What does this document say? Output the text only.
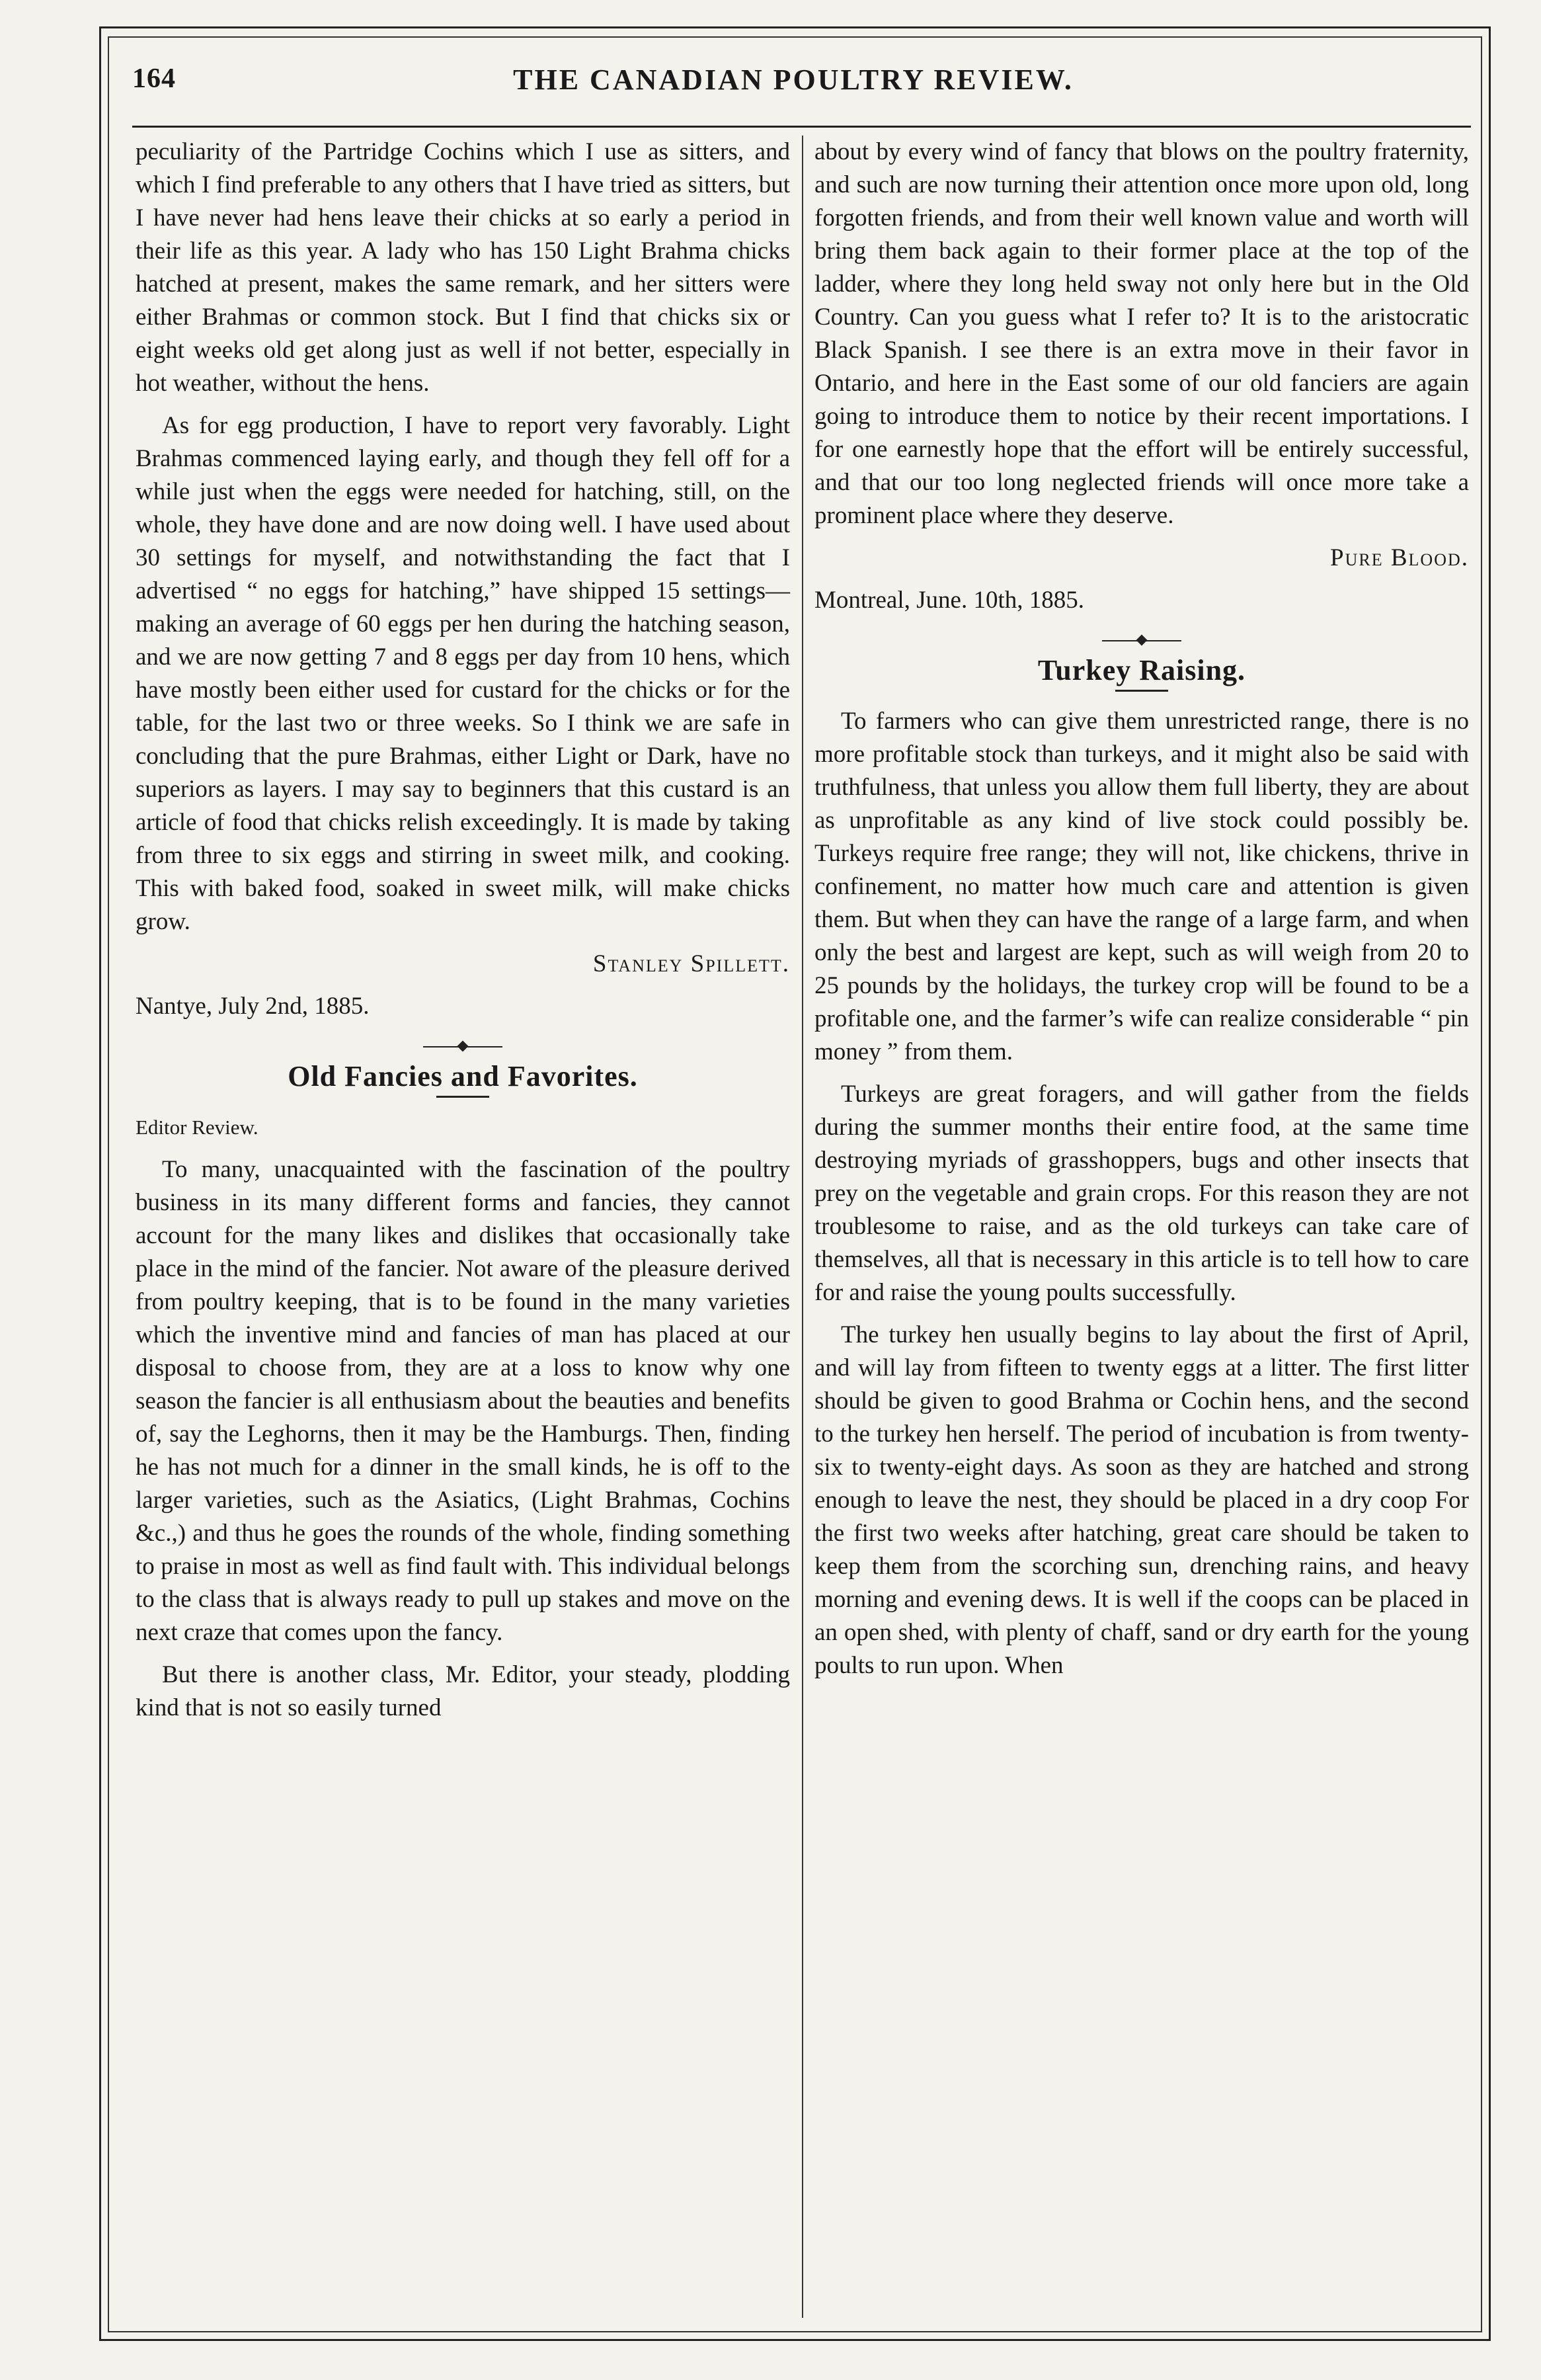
164	THE CANADIAN POULTRY REVIEW.

peculiarity of the Partridge Cochins which I use as sitters, and which I find preferable to any others that I have tried as sitters, but I have never had hens leave their chicks at so early a period in their life as this year. A lady who has 150 Light Brahma chicks hatched at present, makes the same remark, and her sitters were either Brahmas or common stock. But I find that chicks six or eight weeks old get along just as well if not better, especially in hot weather, without the hens.

As for egg production, I have to report very favorably. Light Brahmas commenced laying early, and though they fell off for a while just when the eggs were needed for hatching, still, on the whole, they have done and are now doing well. I have used about 30 settings for myself, and notwithstanding the fact that I advertised “ no eggs for hatching,” have shipped 15 settings—making an average of 60 eggs per hen during the hatching season, and we are now getting 7 and 8 eggs per day from 10 hens, which have mostly been either used for custard for the chicks or for the table, for the last two or three weeks. So I think we are safe in concluding that the pure Brahmas, either Light or Dark, have no superiors as layers. I may say to beginners that this custard is an article of food that chicks relish exceedingly. It is made by taking from three to six eggs and stirring in sweet milk, and cooking. This with baked food, soaked in sweet milk, will make chicks grow.

Stanley Spillett.

Nantye, July 2nd, 1885.

Old Fancies and Favorites.

Editor Review.

To many, unacquainted with the fascination of the poultry business in its many different forms and fancies, they cannot account for the many likes and dislikes that occasionally take place in the mind of the fancier. Not aware of the pleasure derived from poultry keeping, that is to be found in the many varieties which the inventive mind and fancies of man has placed at our disposal to choose from, they are at a loss to know why one season the fancier is all enthusiasm about the beauties and benefits of, say the Leghorns, then it may be the Hamburgs. Then, finding he has not much for a dinner in the small kinds, he is off to the larger varieties, such as the Asiatics, (Light Brahmas, Cochins &c.,) and thus he goes the rounds of the whole, finding something to praise in most as well as find fault with. This individual belongs to the class that is always ready to pull up stakes and move on the next craze that comes upon the fancy.

But there is another class, Mr. Editor, your steady, plodding kind that is not so easily turned

about by every wind of fancy that blows on the poultry fraternity, and such are now turning their attention once more upon old, long forgotten friends, and from their well known value and worth will bring them back again to their former place at the top of the ladder, where they long held sway not only here but in the Old Country. Can you guess what I refer to? It is to the aristocratic Black Spanish. I see there is an extra move in their favor in Ontario, and here in the East some of our old fanciers are again going to introduce them to notice by their recent importations. I for one earnestly hope that the effort will be entirely successful, and that our too long neglected friends will once more take a prominent place where they deserve.

Pure Blood.

Montreal, June. 10th, 1885.

Turkey Raising.

To farmers who can give them unrestricted range, there is no more profitable stock than turkeys, and it might also be said with truthfulness, that unless you allow them full liberty, they are about as unprofitable as any kind of live stock could possibly be. Turkeys require free range; they will not, like chickens, thrive in confinement, no matter how much care and attention is given them. But when they can have the range of a large farm, and when only the best and largest are kept, such as will weigh from 20 to 25 pounds by the holidays, the turkey crop will be found to be a profitable one, and the farmer’s wife can realize considerable “ pin money ” from them.

Turkeys are great foragers, and will gather from the fields during the summer months their entire food, at the same time destroying myriads of grasshoppers, bugs and other insects that prey on the vegetable and grain crops. For this reason they are not troublesome to raise, and as the old turkeys can take care of themselves, all that is necessary in this article is to tell how to care for and raise the young poults successfully.

The turkey hen usually begins to lay about the first of April, and will lay from fifteen to twenty eggs at a litter. The first litter should be given to good Brahma or Cochin hens, and the second to the turkey hen herself. The period of incubation is from twenty-six to twenty-eight days. As soon as they are hatched and strong enough to leave the nest, they should be placed in a dry coop For the first two weeks after hatching, great care should be taken to keep them from the scorching sun, drenching rains, and heavy morning and evening dews. It is well if the coops can be placed in an open shed, with plenty of chaff, sand or dry earth for the young poults to run upon. When
